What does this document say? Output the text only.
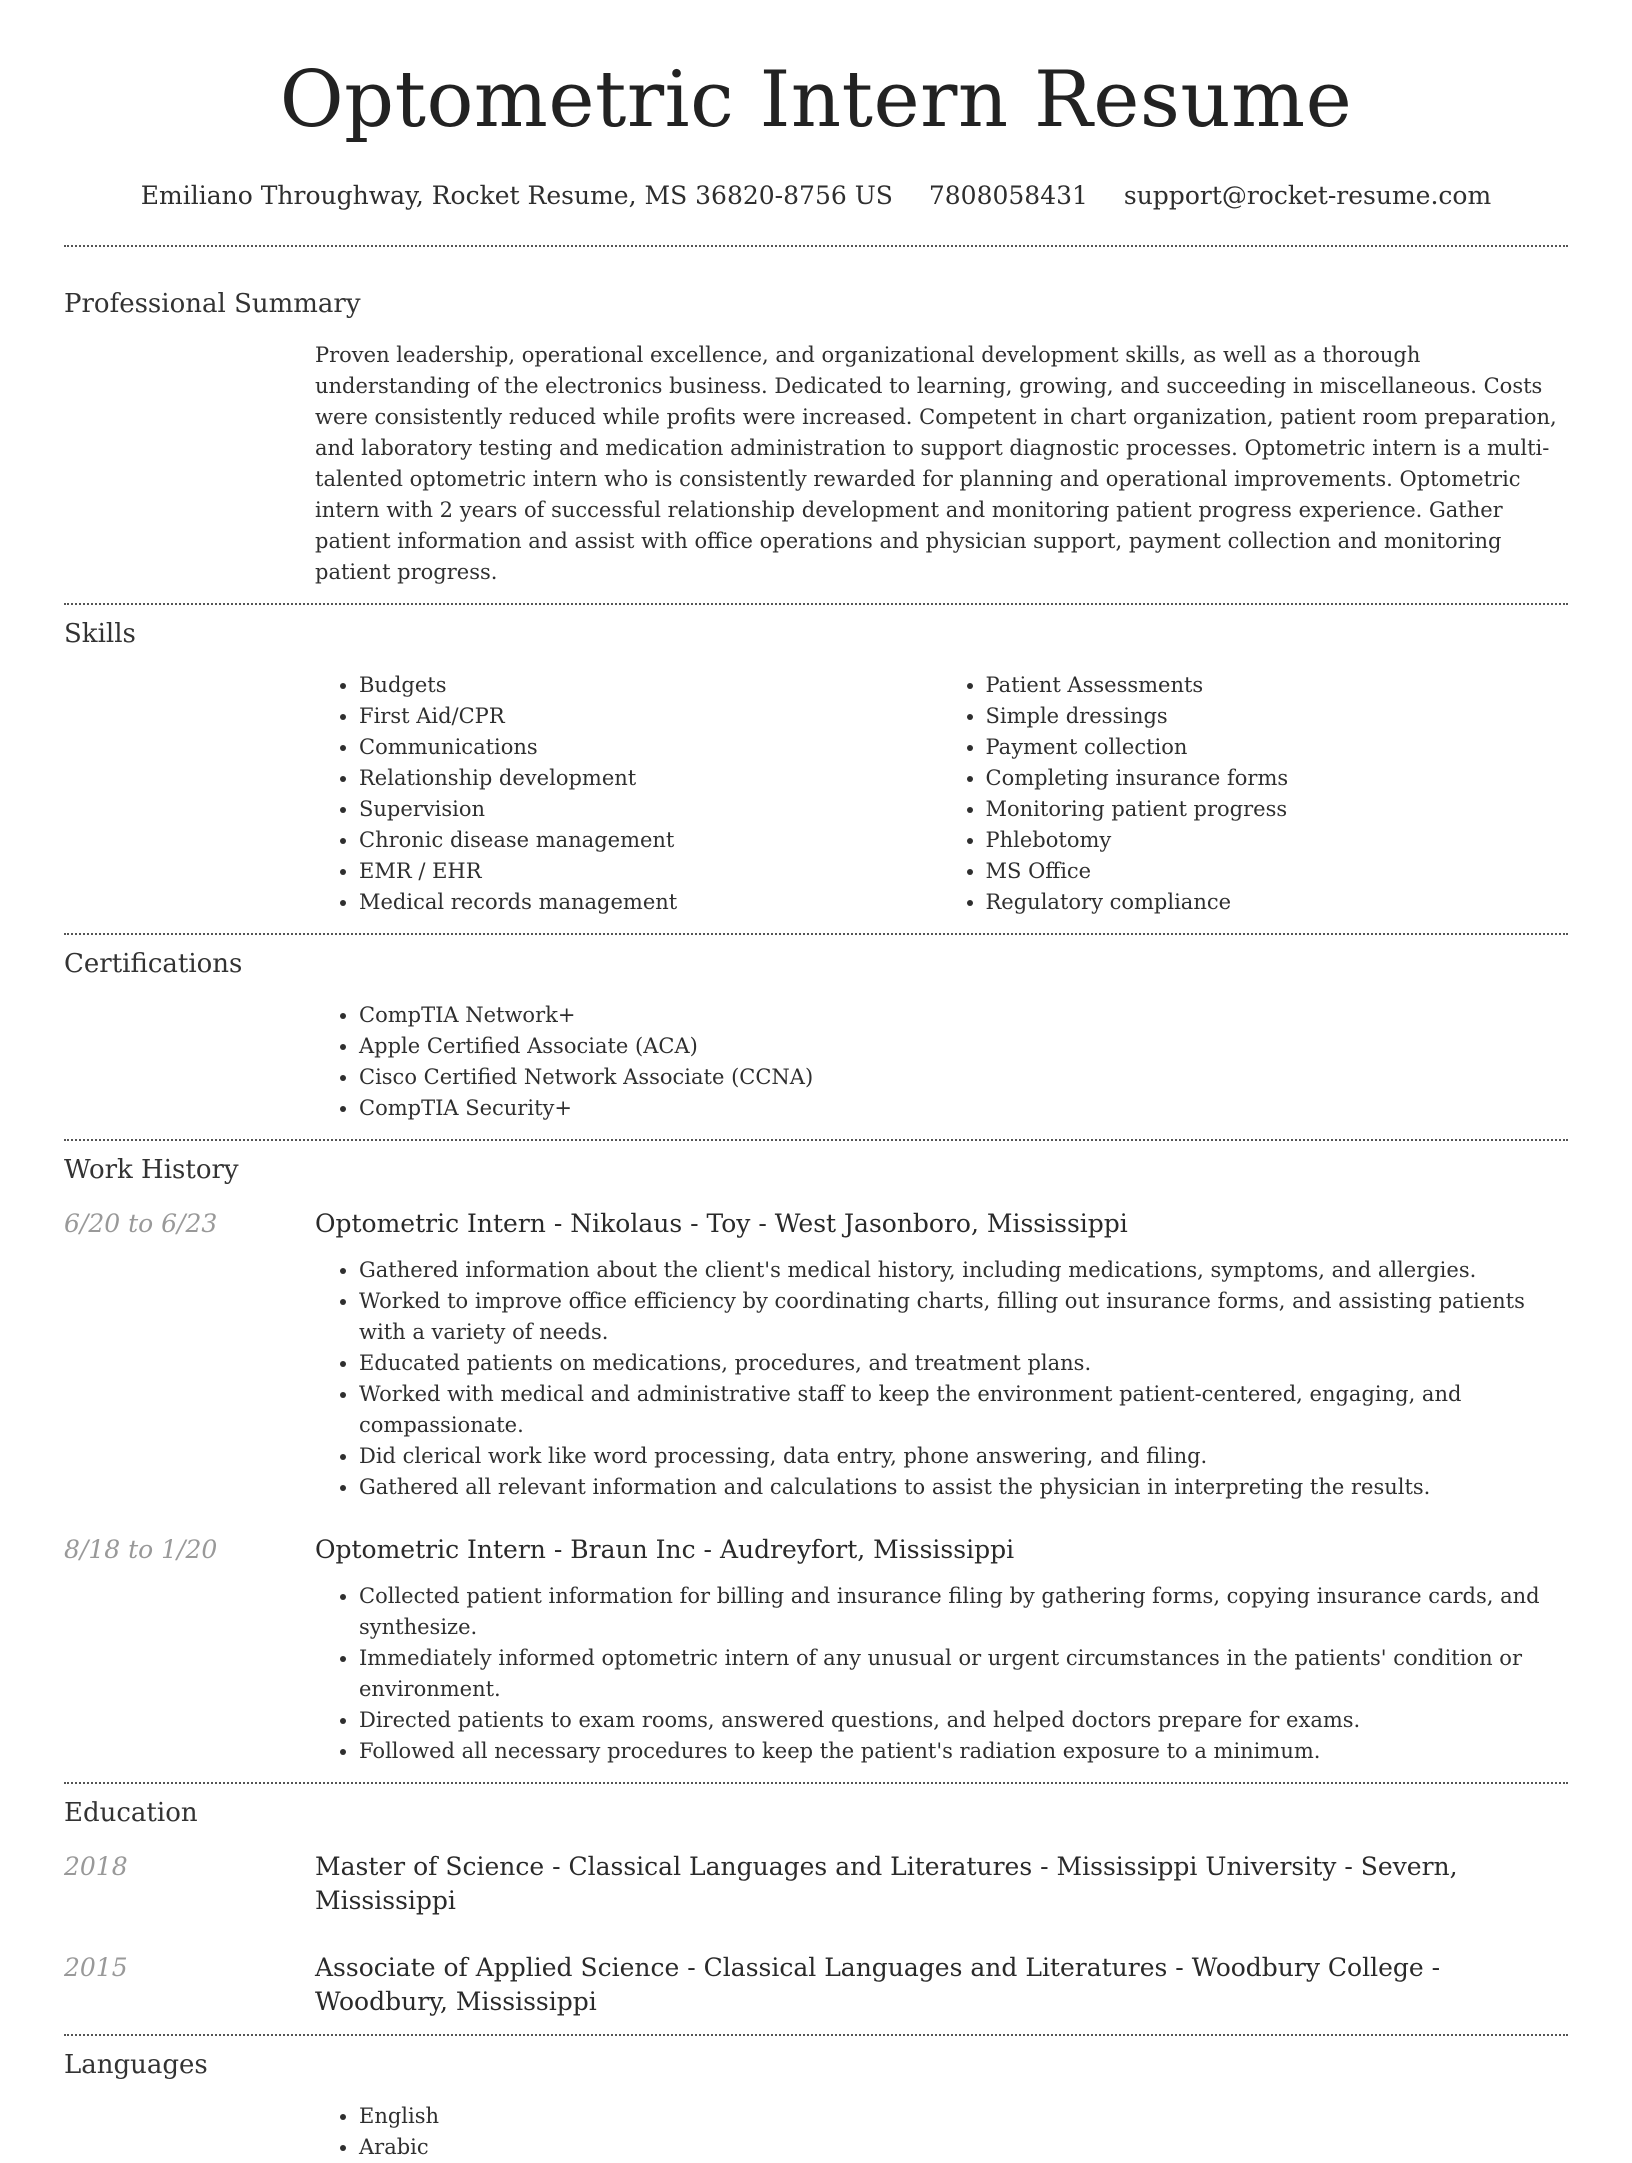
Optometric Intern Resume
Emiliano Throughway, Rocket Resume, MS 36820-8756 US 7808058431 support@rocket-resume.com
Professional Summary

Proven leadership, operational excellence, and organizational development skills, as well as a thorough understanding of the electronics business. Dedicated to learning, growing, and succeeding in miscellaneous. Costs were consistently reduced while profits were increased. Competent in chart organization, patient room preparation, and laboratory testing and medication administration to support diagnostic processes. Optometric intern is a multi-talented optometric intern who is consistently rewarded for planning and operational improvements. Optometric intern with 2 years of successful relationship development and monitoring patient progress experience. Gather patient information and assist with office operations and physician support, payment collection and monitoring patient progress.

Skills
• Budgets
• First Aid/CPR
• Communications
• Relationship development
• Supervision
• Chronic disease management
• EMR / EHR
• Medical records management
• Patient Assessments
• Simple dressings
• Payment collection
• Completing insurance forms
• Monitoring patient progress
• Phlebotomy
• MS Office
• Regulatory compliance
Certifications
• CompTIA Network+
• Apple Certified Associate (ACA)
• Cisco Certified Network Associate (CCNA)
• CompTIA Security+
Work History
6/20 to 6/23	Optometric Intern - Nikolaus - Toy - West Jasonboro, Mississippi
• Gathered information about the client's medical history, including medications, symptoms, and allergies.
• Worked to improve office efficiency by coordinating charts, filling out insurance forms, and assisting patients with a variety of needs.
• Educated patients on medications, procedures, and treatment plans.
• Worked with medical and administrative staff to keep the environment patient-centered, engaging, and compassionate.
• Did clerical work like word processing, data entry, phone answering, and filing.
• Gathered all relevant information and calculations to assist the physician in interpreting the results.
8/18 to 1/20	Optometric Intern - Braun Inc - Audreyfort, Mississippi
• Collected patient information for billing and insurance filing by gathering forms, copying insurance cards, and synthesize.
• Immediately informed optometric intern of any unusual or urgent circumstances in the patients' condition or environment.
• Directed patients to exam rooms, answered questions, and helped doctors prepare for exams.
• Followed all necessary procedures to keep the patient's radiation exposure to a minimum.
Education
2018	Master of Science - Classical Languages and Literatures - Mississippi University - Severn, Mississippi
2015	Associate of Applied Science - Classical Languages and Literatures - Woodbury College - Woodbury, Mississippi
Languages
• English
• Arabic
